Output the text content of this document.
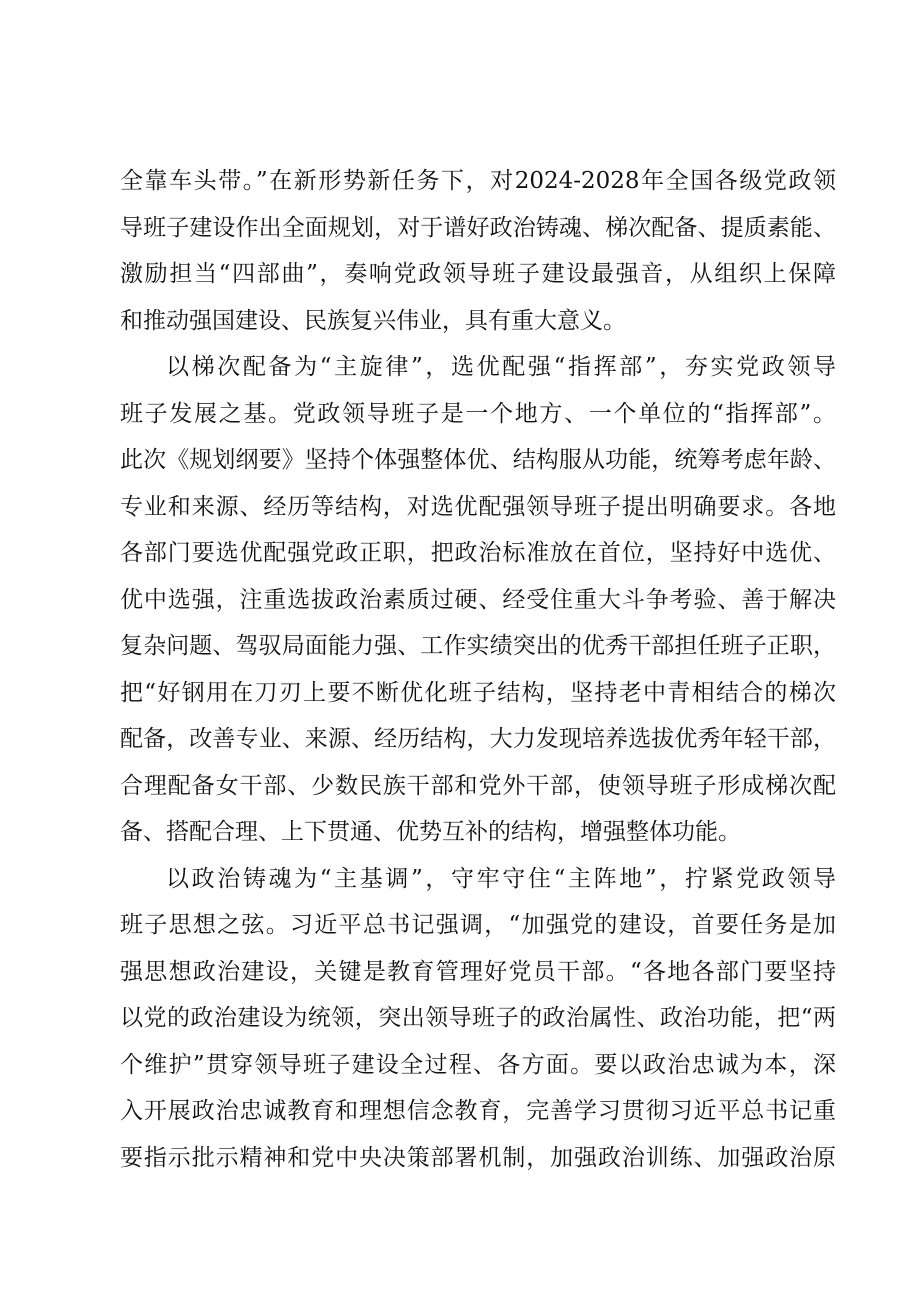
全靠车头带。”在新形势新任务下，对2024-2028年全国各级党政领
导班子建设作出全面规划，对于谱好政治铸魂、梯次配备、提质素能、
激励担当“四部曲”，奏响党政领导班子建设最强音，从组织上保障
和推动强国建设、民族复兴伟业，具有重大意义。
以梯次配备为“主旋律”，选优配强“指挥部”，夯实党政领导
班子发展之基。党政领导班子是一个地方、一个单位的“指挥部”。
此次《规划纲要》坚持个体强整体优、结构服从功能，统筹考虑年龄、
专业和来源、经历等结构，对选优配强领导班子提出明确要求。各地
各部门要选优配强党政正职，把政治标准放在首位，坚持好中选优、
优中选强，注重选拔政治素质过硬、经受住重大斗争考验、善于解决
复杂问题、驾驭局面能力强、工作实绩突出的优秀干部担任班子正职，
把“好钢用在刀刃上要不断优化班子结构，坚持老中青相结合的梯次
配备，改善专业、来源、经历结构，大力发现培养选拔优秀年轻干部，
合理配备女干部、少数民族干部和党外干部，使领导班子形成梯次配
备、搭配合理、上下贯通、优势互补的结构，增强整体功能。
以政治铸魂为“主基调”，守牢守住“主阵地”，拧紧党政领导
班子思想之弦。习近平总书记强调，“加强党的建设，首要任务是加
强思想政治建设，关键是教育管理好党员干部。“各地各部门要坚持
以党的政治建设为统领，突出领导班子的政治属性、政治功能，把“两
个维护”贯穿领导班子建设全过程、各方面。要以政治忠诚为本，深
入开展政治忠诚教育和理想信念教育，完善学习贯彻习近平总书记重
要指示批示精神和党中央决策部署机制，加强政治训练、加强政治原
